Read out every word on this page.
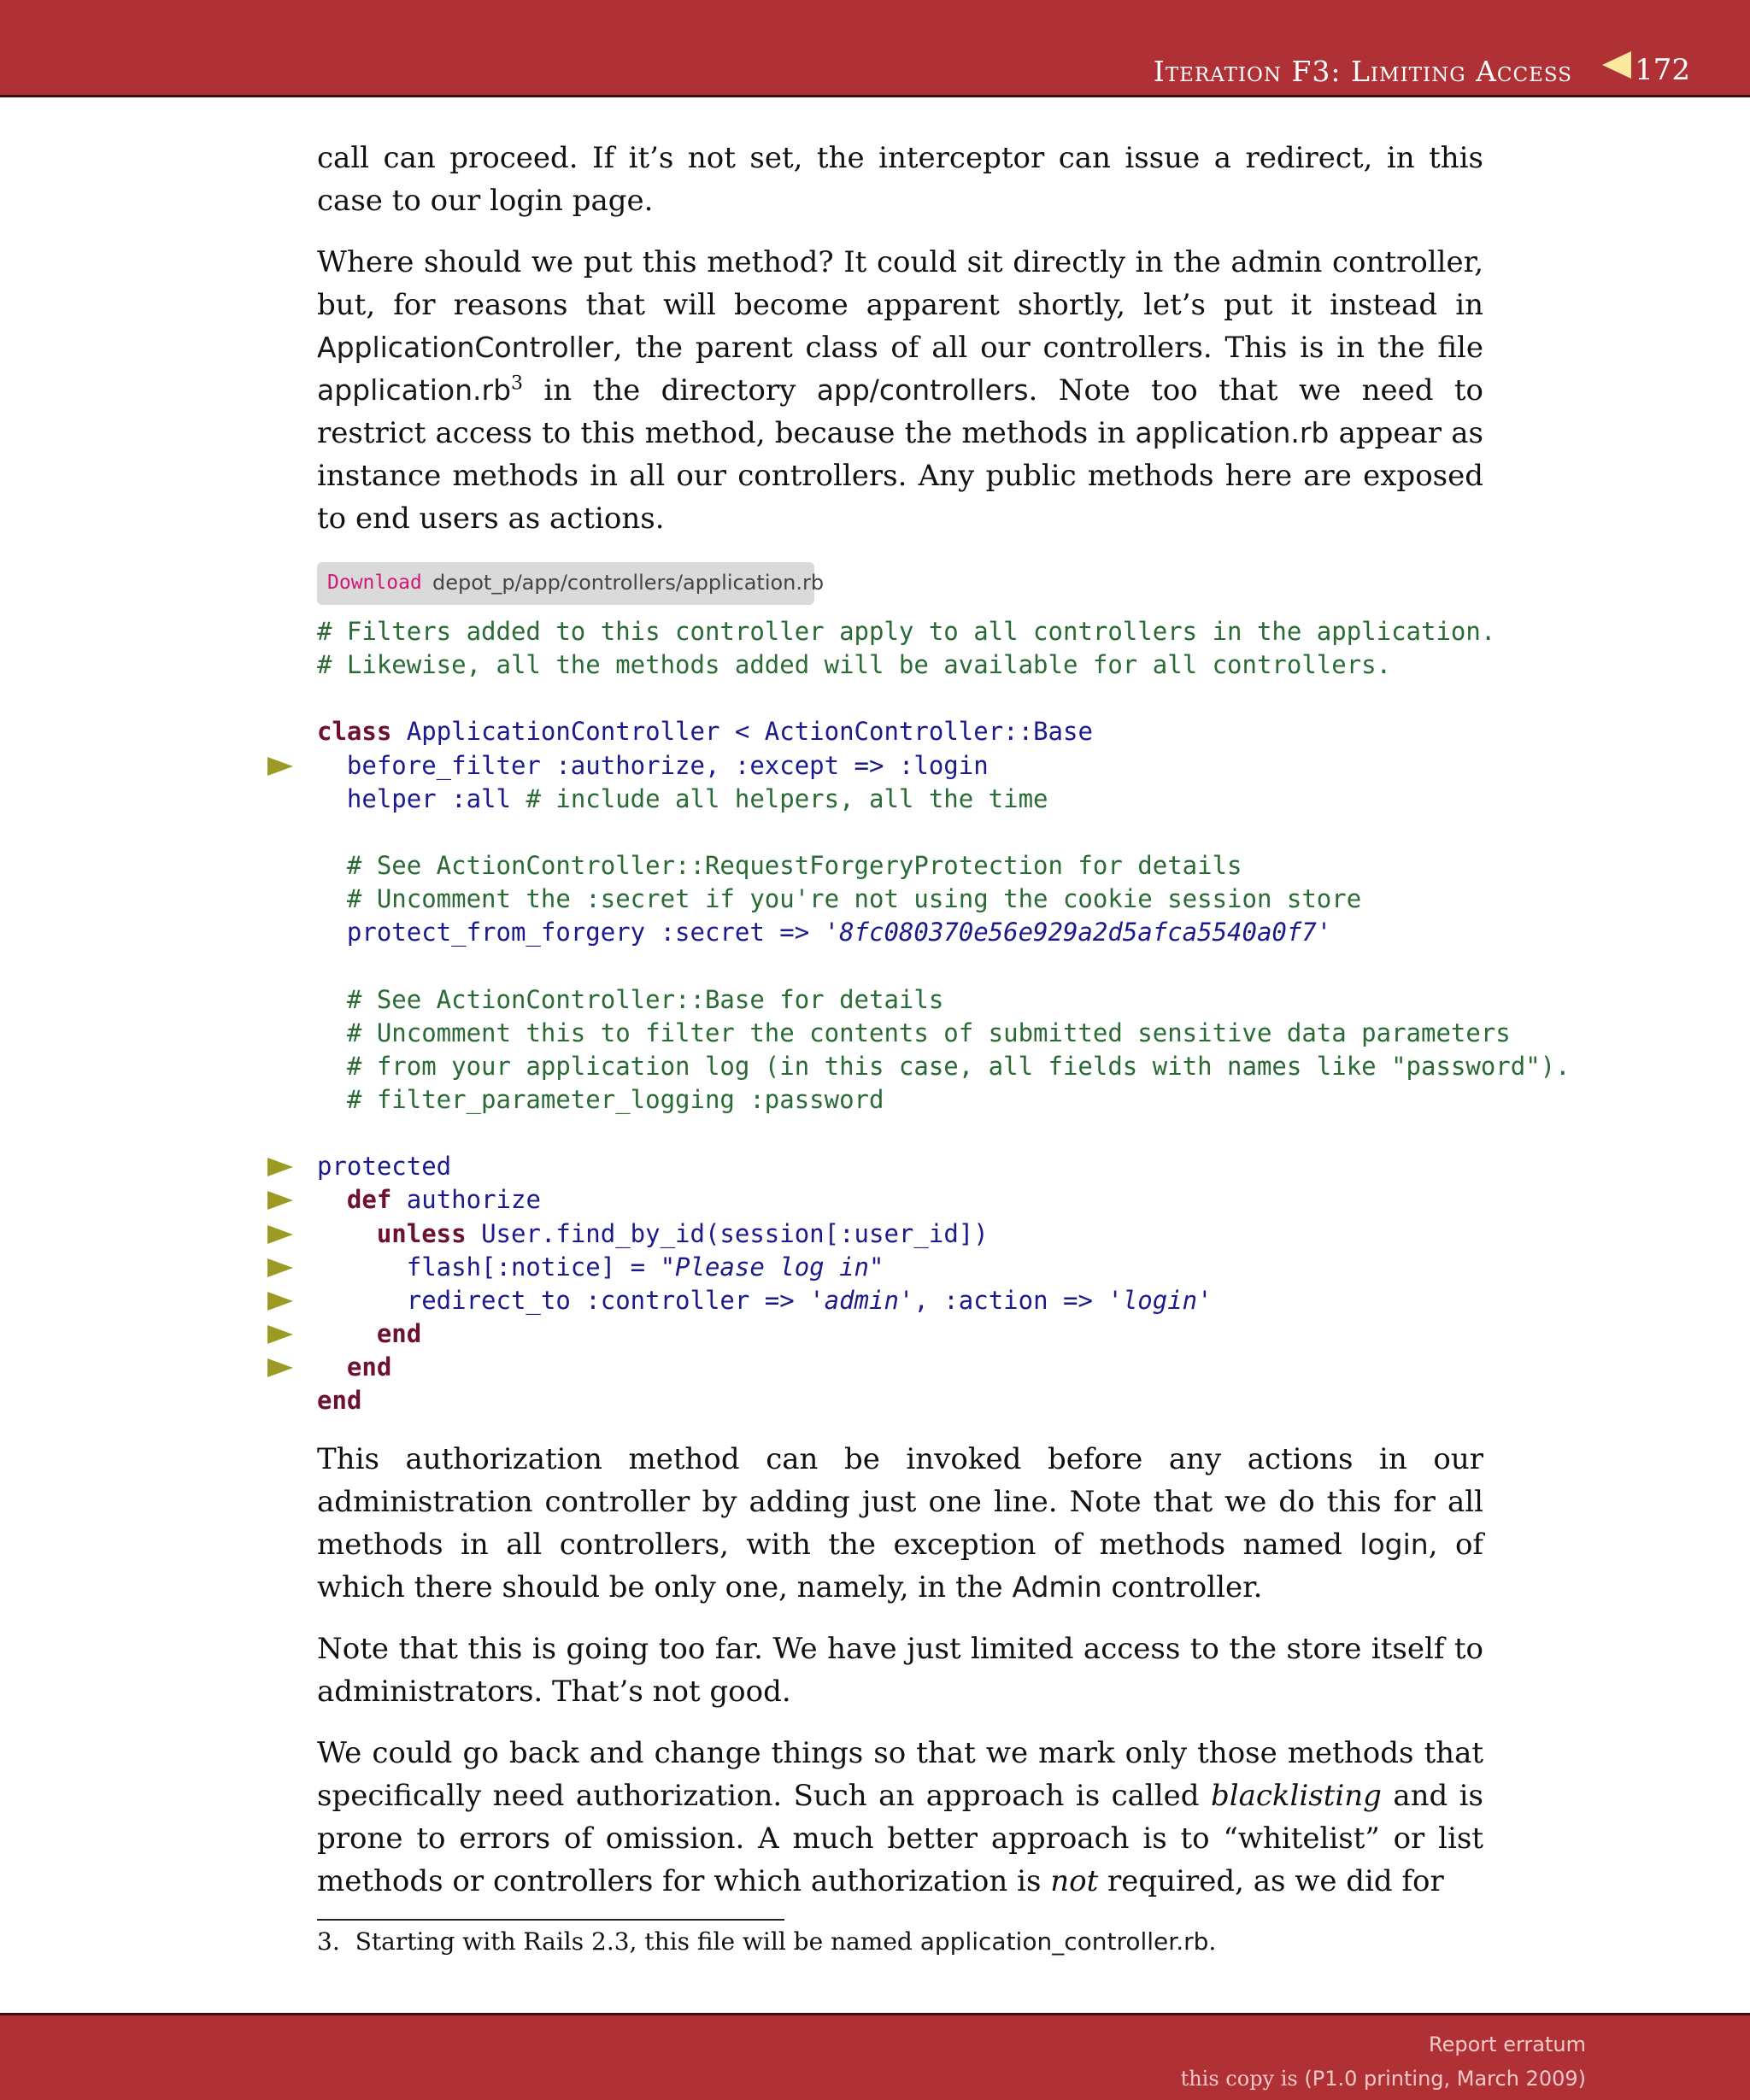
Iteration F3: Limiting Access 172

call can proceed. If it’s not set, the interceptor can issue a redirect, in this case to our login page.

Where should we put this method? It could sit directly in the admin controller, but, for reasons that will become apparent shortly, let’s put it instead in ApplicationController, the parent class of all our controllers. This is in the file $application.rb^3$ in the directory app/controllers. Note too that we need to restrict access to this method, because the methods in application.rb appear as instance methods in all our controllers. Any public methods here are exposed to end users as actions.

Download depot_p/app/controllers/application.rb
# Filters added to this controller apply to all controllers in the application.
# Likewise, all the methods added will be available for all controllers.
class ApplicationController < ActionController::Base
before_filter :authorize, :except => :login
helper :all # include all helpers, all the time
# See ActionController::RequestForgeryProtection for details
# Uncomment the :secret if you're not using the cookie session store
protect_from_forgery :secret => '8fc080370e56e929a2d5afca5540a0f7'
# See ActionController::Base for details
# Uncomment this to filter the contents of submitted sensitive data parameters
# from your application log (in this case, all fields with names like "password").
# filter_parameter_logging :password
protected
def authorize
unless User.find_by_id(session[:user_id])
flash[:notice] = "Please log in"
redirect_to :controller => 'admin', :action => 'login'
end
end
end

This authorization method can be invoked before any actions in our administration controller by adding just one line. Note that we do this for all methods in all controllers, with the exception of methods named login, of which there should be only one, namely, in the Admin controller.

Note that this is going too far. We have just limited access to the store itself to administrators. That’s not good.

We could go back and change things so that we mark only those methods that specifically need authorization. Such an approach is called blacklisting and is prone to errors of omission. A much better approach is to “whitelist” or list methods or controllers for which authorization is not required, as we did for

3. Starting with Rails 2.3, this file will be named application_controller.rb.
Report erratum
this copy is (P1.0 printing, March 2009)
